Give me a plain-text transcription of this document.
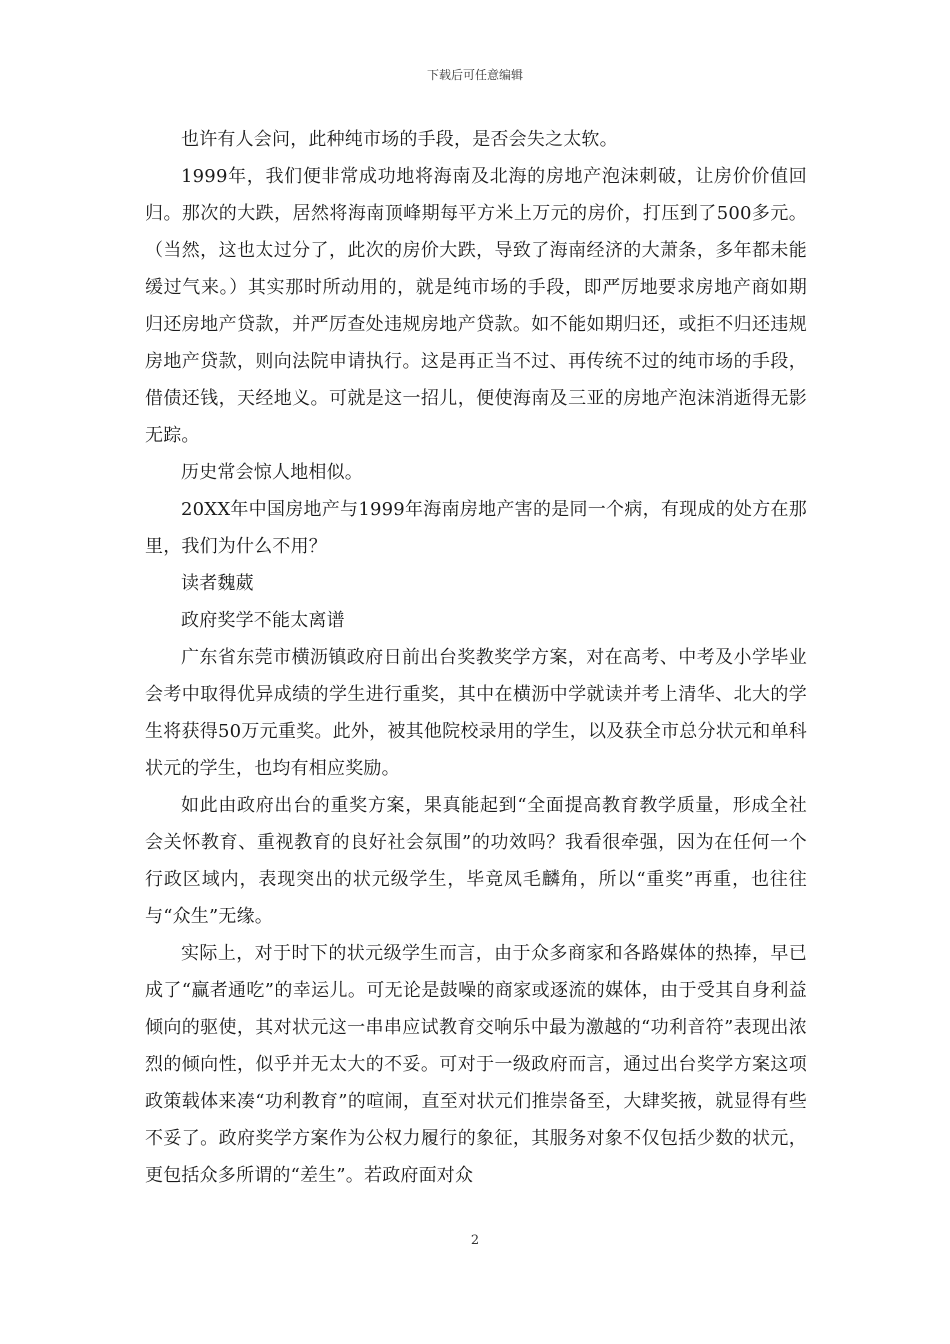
下载后可任意编辑

也许有人会问，此种纯市场的手段，是否会失之太软。

1999年，我们便非常成功地将海南及北海的房地产泡沫刺破，让房价价值回归。那次的大跌，居然将海南顶峰期每平方米上万元的房价，打压到了500多元。（当然，这也太过分了，此次的房价大跌，导致了海南经济的大萧条，多年都未能缓过气来。）其实那时所动用的，就是纯市场的手段，即严厉地要求房地产商如期归还房地产贷款，并严厉查处违规房地产贷款。如不能如期归还，或拒不归还违规房地产贷款，则向法院申请执行。这是再正当不过、再传统不过的纯市场的手段，借债还钱，天经地义。可就是这一招儿，便使海南及三亚的房地产泡沫消逝得无影无踪。

历史常会惊人地相似。

20XX年中国房地产与1999年海南房地产害的是同一个病，有现成的处方在那里，我们为什么不用？

读者魏葳

政府奖学不能太离谱

广东省东莞市横沥镇政府日前出台奖教奖学方案，对在高考、中考及小学毕业会考中取得优异成绩的学生进行重奖，其中在横沥中学就读并考上清华、北大的学生将获得50万元重奖。此外，被其他院校录用的学生，以及获全市总分状元和单科状元的学生，也均有相应奖励。

如此由政府出台的重奖方案，果真能起到“全面提高教育教学质量，形成全社会关怀教育、重视教育的良好社会氛围”的功效吗？我看很牵强，因为在任何一个行政区域内，表现突出的状元级学生，毕竟凤毛麟角，所以“重奖”再重，也往往与“众生”无缘。

实际上，对于时下的状元级学生而言，由于众多商家和各路媒体的热捧，早已成了“赢者通吃”的幸运儿。可无论是鼓噪的商家或逐流的媒体，由于受其自身利益倾向的驱使，其对状元这一串串应试教育交响乐中最为激越的“功利音符”表现出浓烈的倾向性，似乎并无太大的不妥。可对于一级政府而言，通过出台奖学方案这项政策载体来凑“功利教育”的喧闹，直至对状元们推崇备至，大肆奖掖，就显得有些不妥了。政府奖学方案作为公权力履行的象征，其服务对象不仅包括少数的状元，更包括众多所谓的“差生”。若政府面对众

2
